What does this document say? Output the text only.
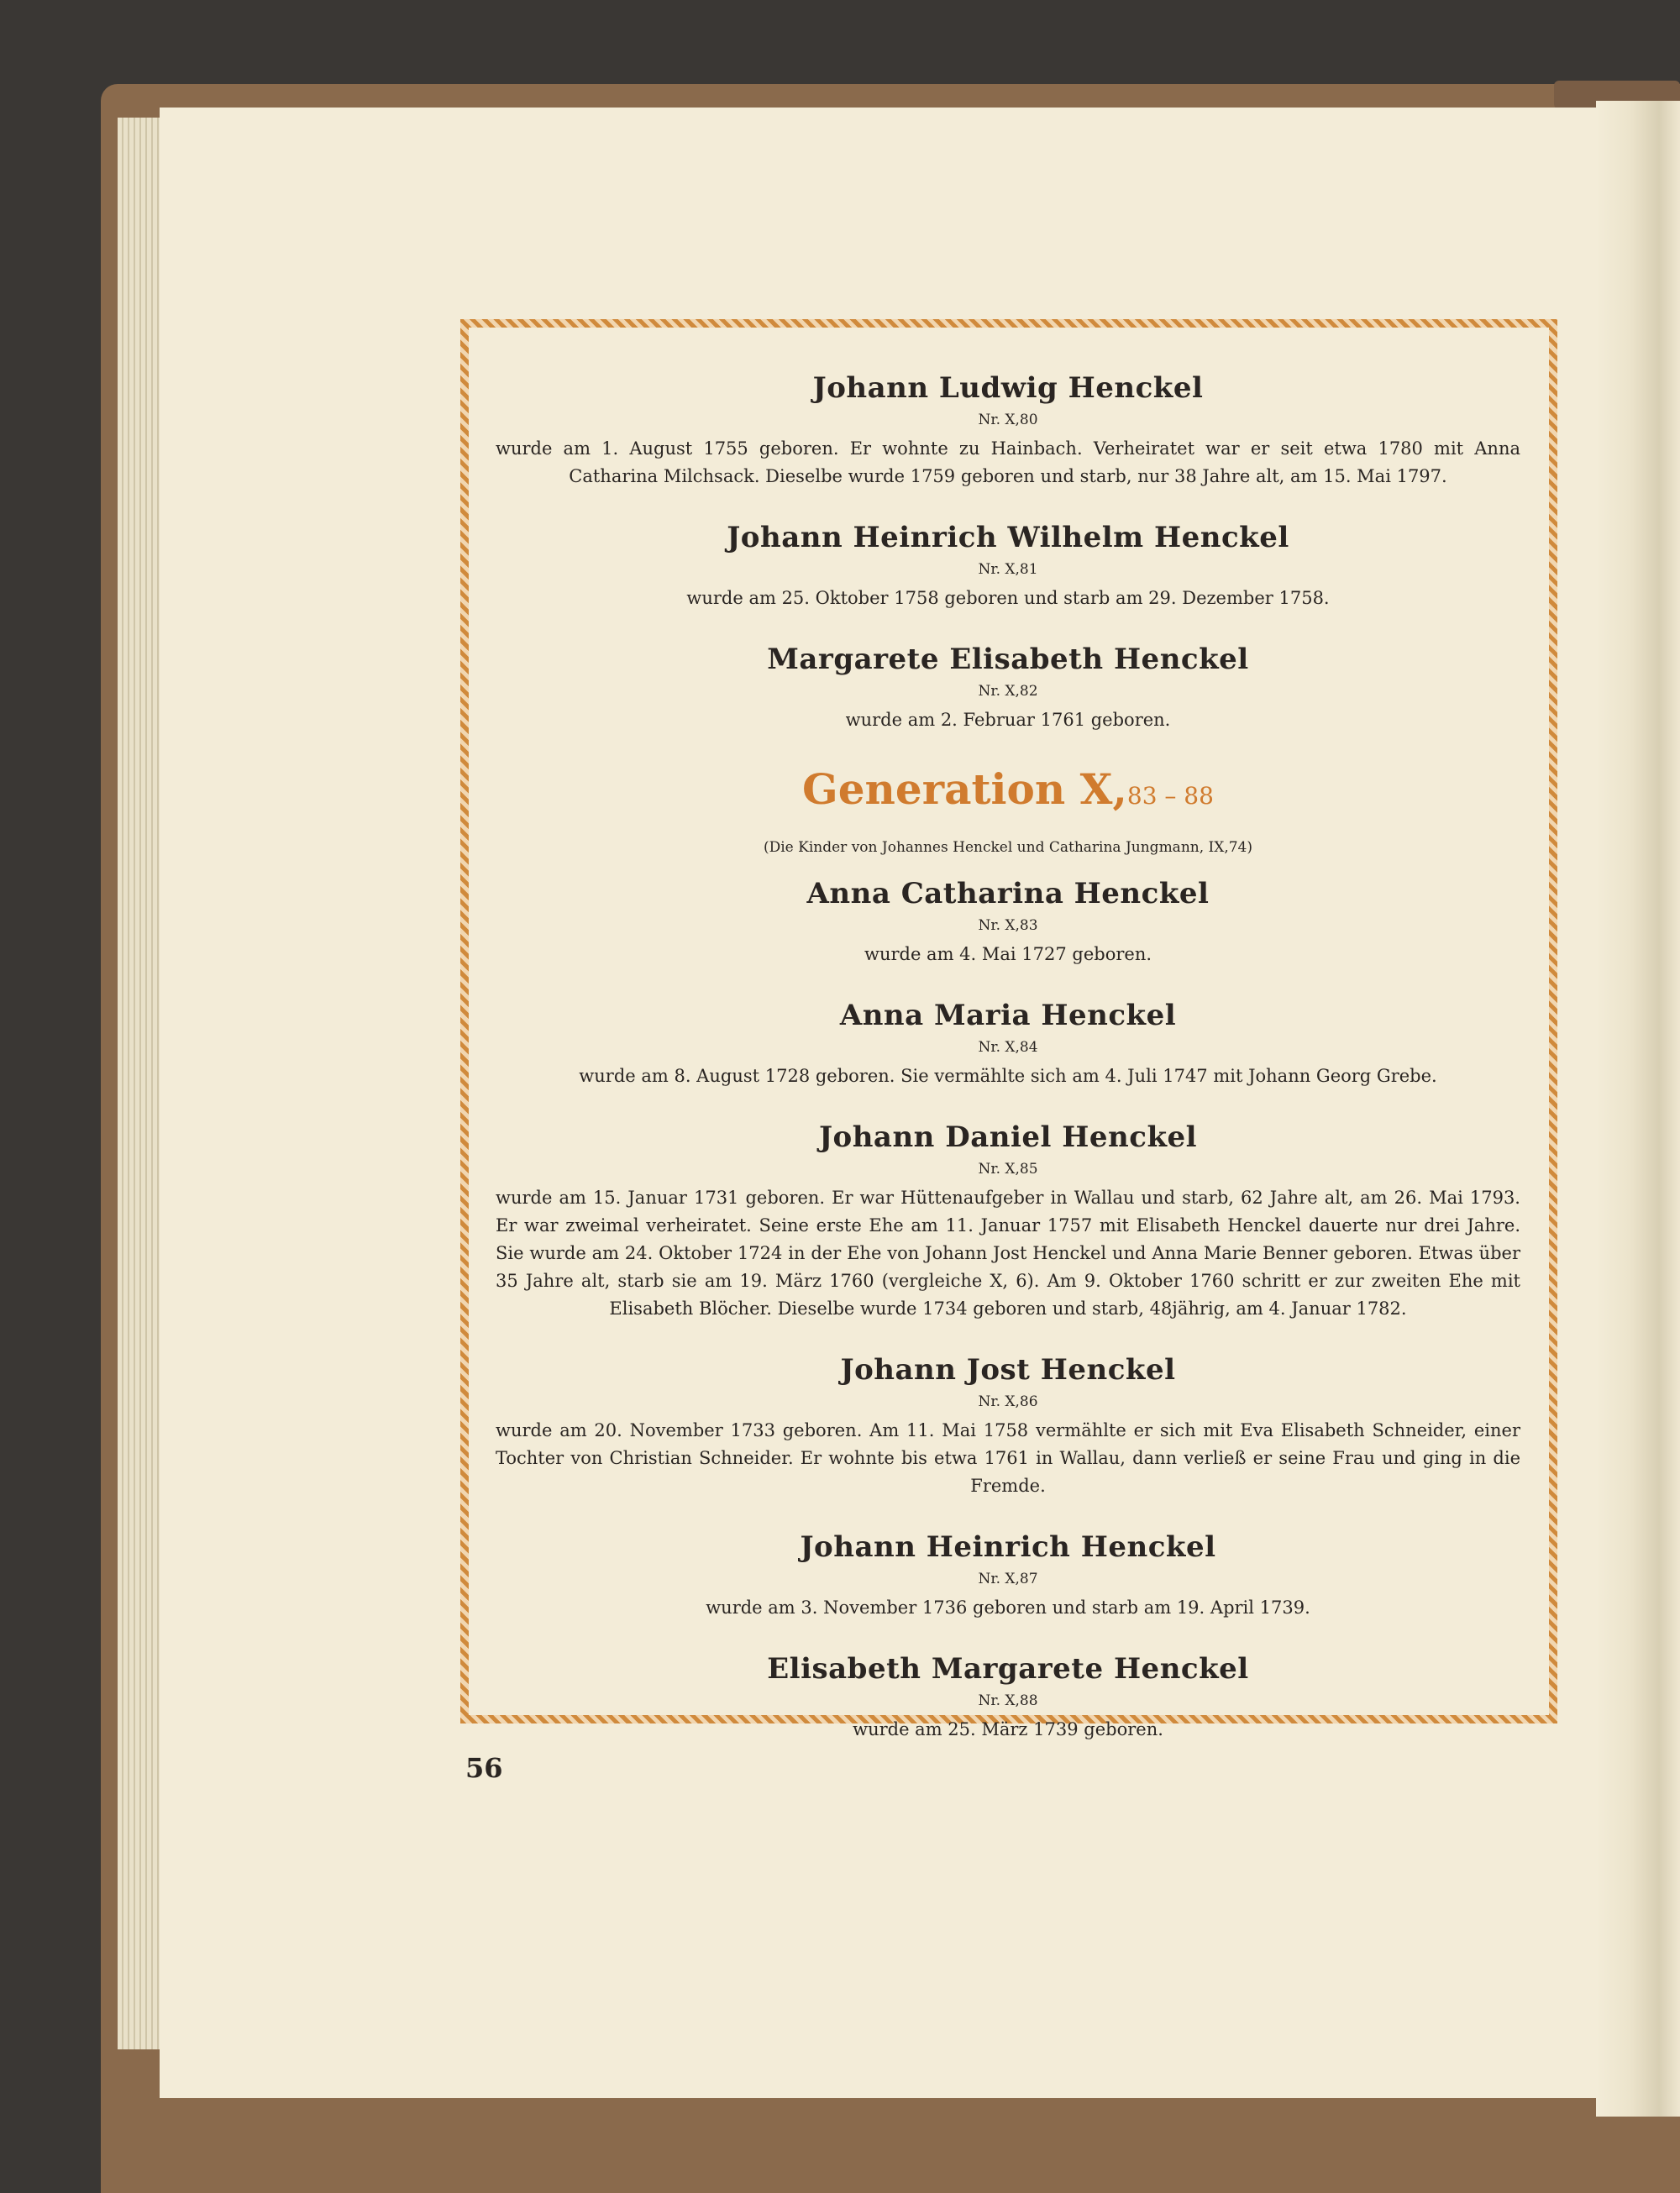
Johann Ludwig Henckel
Nr. X,80
wurde am 1. August 1755 geboren. Er wohnte zu Hainbach. Verheiratet war er seit etwa 1780 mit Anna Catharina Milchsack. Dieselbe wurde 1759 geboren und starb, nur 38 Jahre alt, am 15. Mai 1797.
Johann Heinrich Wilhelm Henckel
Nr. X,81
wurde am 25. Oktober 1758 geboren und starb am 29. Dezember 1758.
Margarete Elisabeth Henckel
Nr. X,82
wurde am 2. Februar 1761 geboren.
Generation X,83 – 88
(Die Kinder von Johannes Henckel und Catharina Jungmann, IX,74)
Anna Catharina Henckel
Nr. X,83
wurde am 4. Mai 1727 geboren.
Anna Maria Henckel
Nr. X,84
wurde am 8. August 1728 geboren. Sie vermählte sich am 4. Juli 1747 mit Johann Georg Grebe.
Johann Daniel Henckel
Nr. X,85
wurde am 15. Januar 1731 geboren. Er war Hüttenaufgeber in Wallau und starb, 62 Jahre alt, am 26. Mai 1793. Er war zweimal verheiratet. Seine erste Ehe am 11. Januar 1757 mit Elisabeth Henckel dauerte nur drei Jahre. Sie wurde am 24. Oktober 1724 in der Ehe von Johann Jost Henckel und Anna Marie Benner geboren. Etwas über 35 Jahre alt, starb sie am 19. März 1760 (vergleiche X, 6). Am 9. Oktober 1760 schritt er zur zweiten Ehe mit Elisabeth Blöcher. Dieselbe wurde 1734 geboren und starb, 48jährig, am 4. Januar 1782.
Johann Jost Henckel
Nr. X,86
wurde am 20. November 1733 geboren. Am 11. Mai 1758 vermählte er sich mit Eva Elisabeth Schneider, einer Tochter von Christian Schneider. Er wohnte bis etwa 1761 in Wallau, dann verließ er seine Frau und ging in die Fremde.
Johann Heinrich Henckel
Nr. X,87
wurde am 3. November 1736 geboren und starb am 19. April 1739.
Elisabeth Margarete Henckel
Nr. X,88
wurde am 25. März 1739 geboren.
56
